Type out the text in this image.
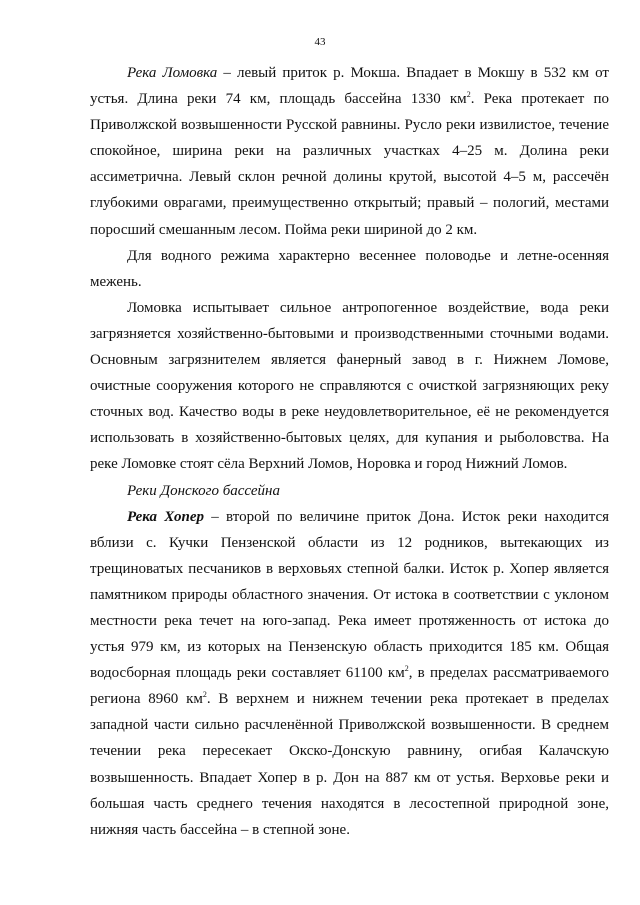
43

Река Ломовка – левый приток р. Мокша. Впадает в Мокшу в 532 км от устья. Длина реки 74 км, площадь бассейна 1330 $км^2$. Река протекает по Приволжской возвышенности Русской равнины. Русло реки извилистое, течение спокойное, ширина реки на различных участках 4–25 м. Долина реки ассиметрична. Левый склон речной долины крутой, высотой 4–5 м, рассечён глубокими оврагами, преимущественно открытый; правый – пологий, местами поросший смешанным лесом. Пойма реки шириной до 2 км.

Для водного режима характерно весеннее половодье и летне-осенняя межень.

Ломовка испытывает сильное антропогенное воздействие, вода реки загрязняется хозяйственно-бытовыми и производственными сточными водами. Основным загрязнителем является фанерный завод в г. Нижнем Ломове, очистные сооружения которого не справляются с очисткой загрязняющих реку сточных вод. Качество воды в реке неудовлетворительное, её не рекомендуется использовать в хозяйственно-бытовых целях, для купания и рыболовства. На реке Ломовке стоят сёла Верхний Ломов, Норовка и город Нижний Ломов.

Реки Донского бассейна

Река Хопер – второй по величине приток Дона. Исток реки находится вблизи с. Кучки Пензенской области из 12 родников, вытекающих из трещиноватых песчаников в верховьях степной балки. Исток р. Хопер является памятником природы областного значения. От истока в соответствии с уклоном местности река течет на юго-запад. Река имеет протяженность от истока до устья 979 км, из которых на Пензенскую область приходится 185 км. Общая водосборная площадь реки составляет 61100 $км^2$, в пределах рассматриваемого региона 8960 $км^2$. В верхнем и нижнем течении река протекает в пределах западной части сильно расчленённой Приволжской возвышенности. В среднем течении река пересекает Окско-Донскую равнину, огибая Калачскую возвышенность. Впадает Хопер в р. Дон на 887 км от устья. Верховье реки и большая часть среднего течения находятся в лесостепной природной зоне, нижняя часть бассейна – в степной зоне.
